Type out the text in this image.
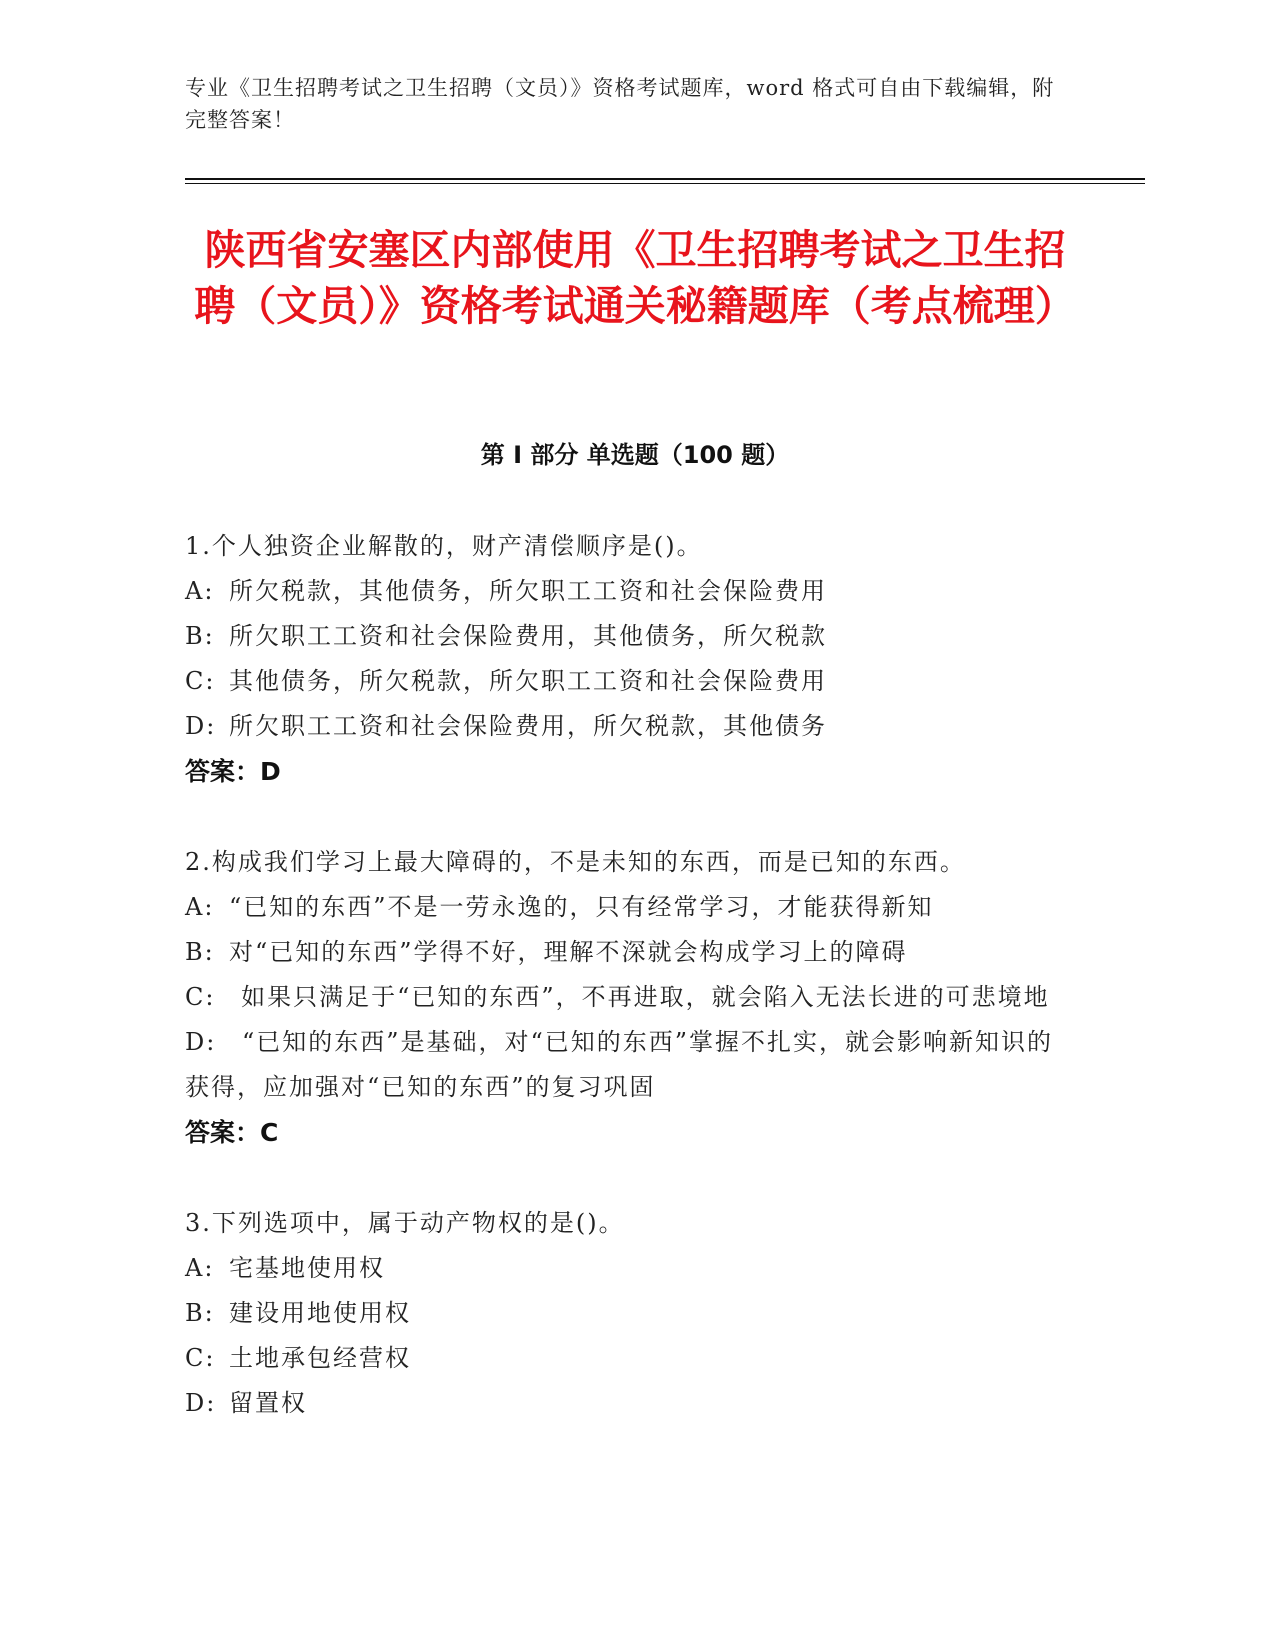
专业《卫生招聘考试之卫生招聘（文员）》资格考试题库，word 格式可自由下载编辑，附完整答案！
陕西省安塞区内部使用《卫生招聘考试之卫生招聘（文员）》资格考试通关秘籍题库（考点梳理）
第 I 部分 单选题（100 题）
1.个人独资企业解散的，财产清偿顺序是()。
A: 所欠税款，其他债务，所欠职工工资和社会保险费用
B: 所欠职工工资和社会保险费用，其他债务，所欠税款
C: 其他债务，所欠税款，所欠职工工资和社会保险费用
D: 所欠职工工资和社会保险费用，所欠税款，其他债务
答案：D
2.构成我们学习上最大障碍的，不是未知的东西，而是已知的东西。
A: “已知的东西”不是一劳永逸的，只有经常学习，才能获得新知
B: 对“已知的东西”学得不好，理解不深就会构成学习上的障碍
C: 如果只满足于“已知的东西”，不再进取，就会陷入无法长进的可悲境地
D: “已知的东西”是基础，对“已知的东西”掌握不扎实，就会影响新知识的获得，应加强对“已知的东西”的复习巩固
答案：C
3.下列选项中，属于动产物权的是()。
A: 宅基地使用权
B: 建设用地使用权
C: 土地承包经营权
D: 留置权
